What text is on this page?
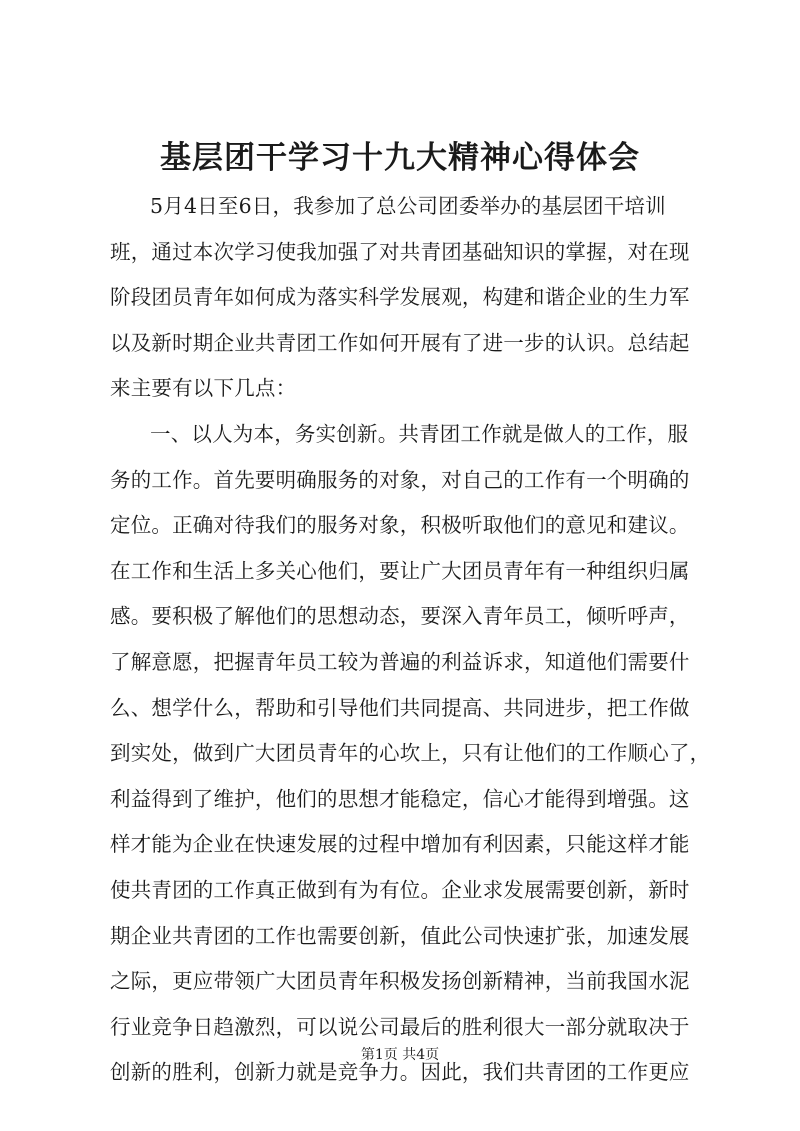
基层团干学习十九大精神心得体会
5月4日至6日，我参加了总公司团委举办的基层团干培训
班，通过本次学习使我加强了对共青团基础知识的掌握，对在现
阶段团员青年如何成为落实科学发展观，构建和谐企业的生力军
以及新时期企业共青团工作如何开展有了进一步的认识。总结起
来主要有以下几点：
一、以人为本，务实创新。共青团工作就是做人的工作，服
务的工作。首先要明确服务的对象，对自己的工作有一个明确的
定位。正确对待我们的服务对象，积极听取他们的意见和建议。
在工作和生活上多关心他们，要让广大团员青年有一种组织归属
感。要积极了解他们的思想动态，要深入青年员工，倾听呼声，
了解意愿，把握青年员工较为普遍的利益诉求，知道他们需要什
么、想学什么，帮助和引导他们共同提高、共同进步，把工作做
到实处，做到广大团员青年的心坎上，只有让他们的工作顺心了，
利益得到了维护，他们的思想才能稳定，信心才能得到增强。这
样才能为企业在快速发展的过程中增加有利因素，只能这样才能
使共青团的工作真正做到有为有位。企业求发展需要创新，新时
期企业共青团的工作也需要创新，值此公司快速扩张，加速发展
之际，更应带领广大团员青年积极发扬创新精神，当前我国水泥
行业竞争日趋激烈，可以说公司最后的胜利很大一部分就取决于
创新的胜利，创新力就是竞争力。因此，我们共青团的工作更应
第1页 共4页
